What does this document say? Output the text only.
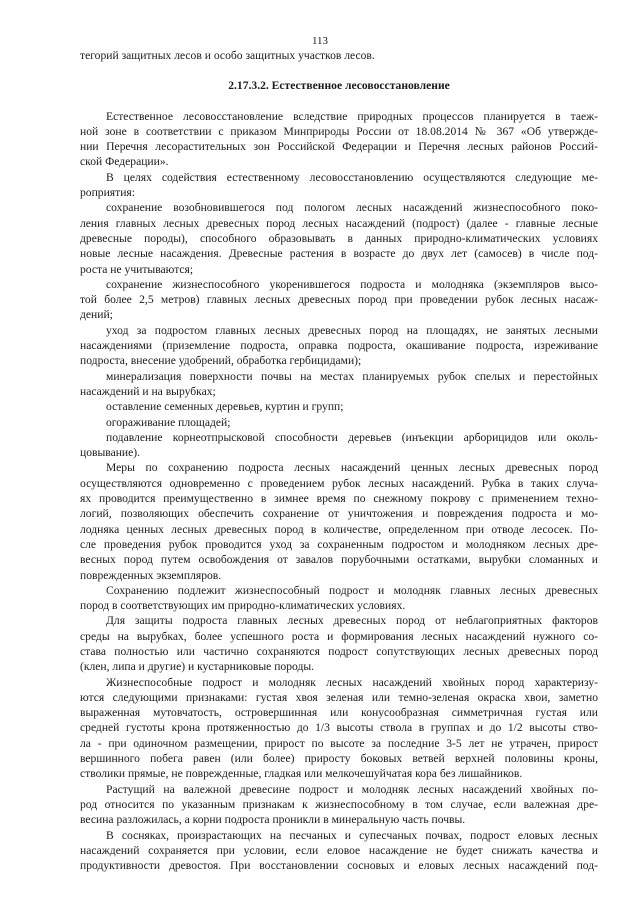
113
тегорий защитных лесов и особо защитных участков лесов.
2.17.3.2. Естественное лесовосстановление
Естественное лесовосстановление вследствие природных процессов планируется в таеж-
ной зоне в соответствии с приказом Минприроды России от 18.08.2014 № 367 «Об утвержде-
нии Перечня лесорастительных зон Российской Федерации и Перечня лесных районов Россий-
ской Федерации».
В целях содействия естественному лесовосстановлению осуществляются следующие ме-
роприятия:
сохранение возобновившегося под пологом лесных насаждений жизнеспособного поко-
ления главных лесных древесных пород лесных насаждений (подрост) (далее - главные лесные
древесные породы), способного образовывать в данных природно-климатических условиях
новые лесные насаждения. Древесные растения в возрасте до двух лет (самосев) в числе под-
роста не учитываются;
сохранение жизнеспособного укоренившегося подроста и молодняка (экземпляров высо-
той более 2,5 метров) главных лесных древесных пород при проведении рубок лесных насаж-
дений;
уход за подростом главных лесных древесных пород на площадях, не занятых лесными
насаждениями (приземление подроста, оправка подроста, окашивание подроста, изреживание
подроста, внесение удобрений, обработка гербицидами);
минерализация поверхности почвы на местах планируемых рубок спелых и перестойных
насаждений и на вырубках;
оставление семенных деревьев, куртин и групп;
огораживание площадей;
подавление корнеотпрысковой способности деревьев (инъекции арборицидов или околь-
цовывание).
Меры по сохранению подроста лесных насаждений ценных лесных древесных пород
осуществляются одновременно с проведением рубок лесных насаждений. Рубка в таких случа-
ях проводится преимущественно в зимнее время по снежному покрову с применением техно-
логий, позволяющих обеспечить сохранение от уничтожения и повреждения подроста и мо-
лодняка ценных лесных древесных пород в количестве, определенном при отводе лесосек. По-
сле проведения рубок проводится уход за сохраненным подростом и молодняком лесных дре-
весных пород путем освобождения от завалов порубочными остатками, вырубки сломанных и
поврежденных экземпляров.
Сохранению подлежит жизнеспособный подрост и молодняк главных лесных древесных
пород в соответствующих им природно-климатических условиях.
Для защиты подроста главных лесных древесных пород от неблагоприятных факторов
среды на вырубках, более успешного роста и формирования лесных насаждений нужного со-
става полностью или частично сохраняются подрост сопутствующих лесных древесных пород
(клен, липа и другие) и кустарниковые породы.
Жизнеспособные подрост и молодняк лесных насаждений хвойных пород характеризу-
ются следующими признаками: густая хвоя зеленая или темно-зеленая окраска хвои, заметно
выраженная мутовчатость, островершинная или конусообразная симметричная густая или
средней густоты крона протяженностью до 1/3 высоты ствола в группах и до 1/2 высоты ство-
ла - при одиночном размещении, прирост по высоте за последние 3-5 лет не утрачен, прирост
вершинного побега равен (или более) приросту боковых ветвей верхней половины кроны,
стволики прямые, не поврежденные, гладкая или мелкочешуйчатая кора без лишайников.
Растущий на валежной древесине подрост и молодняк лесных насаждений хвойных по-
род относится по указанным признакам к жизнеспособному в том случае, если валежная дре-
весина разложилась, а корни подроста проникли в минеральную часть почвы.
В сосняках, произрастающих на песчаных и супесчаных почвах, подрост еловых лесных
насаждений сохраняется при условии, если еловое насаждение не будет снижать качества и
продуктивности древостоя. При восстановлении сосновых и еловых лесных насаждений под-
